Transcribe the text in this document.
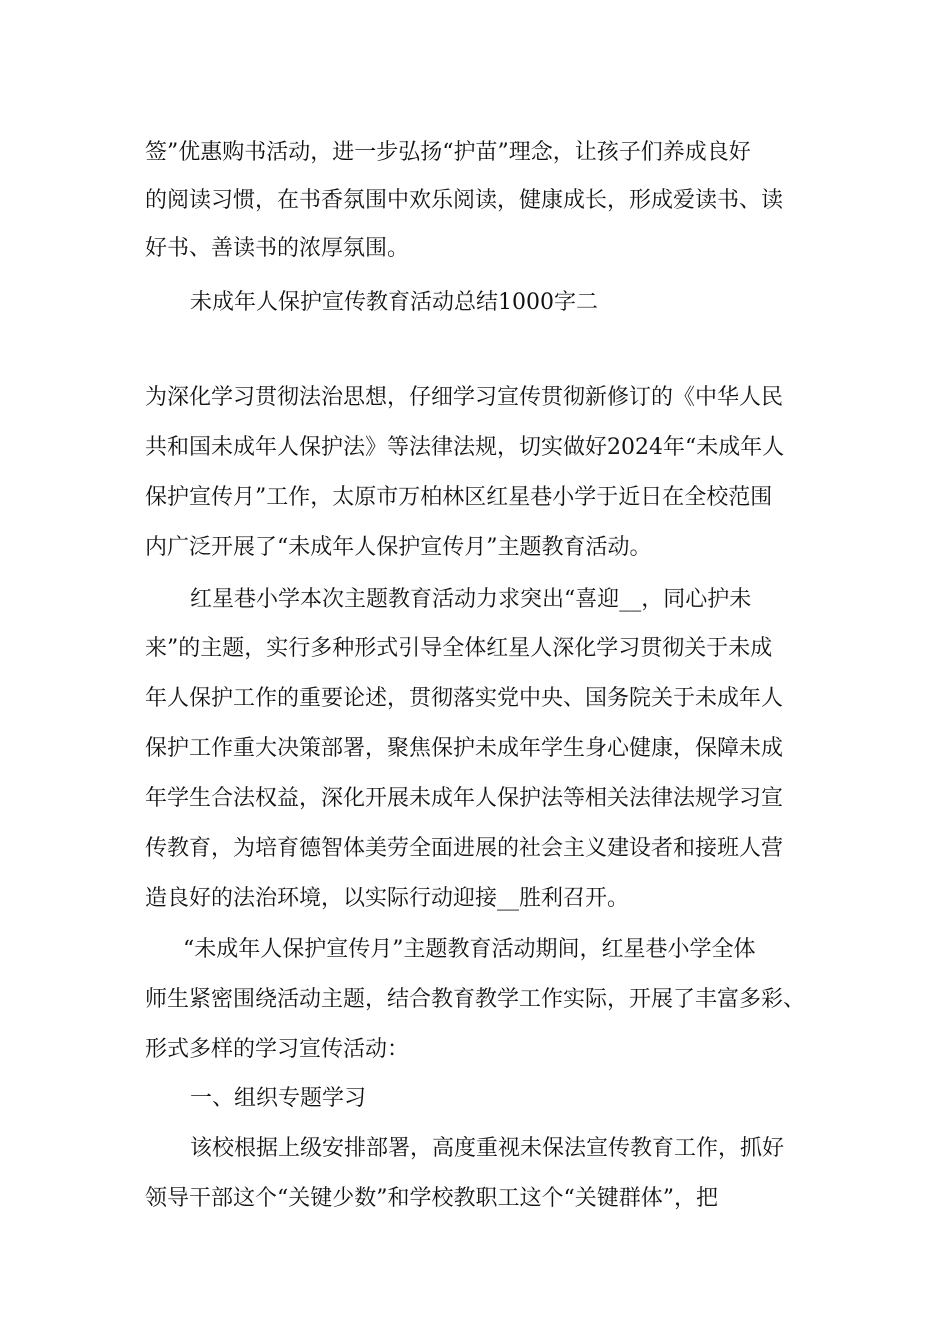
签”优惠购书活动，进一步弘扬“护苗”理念，让孩子们养成良好
的阅读习惯，在书香氛围中欢乐阅读，健康成长，形成爱读书、读
好书、善读书的浓厚氛围。
未成年人保护宣传教育活动总结1000字二
为深化学习贯彻法治思想，仔细学习宣传贯彻新修订的《中华人民
共和国未成年人保护法》等法律法规，切实做好2024年“未成年人
保护宣传月”工作，太原市万柏林区红星巷小学于近日在全校范围
内广泛开展了“未成年人保护宣传月”主题教育活动。
红星巷小学本次主题教育活动力求突出“喜迎__，同心护未
来”的主题，实行多种形式引导全体红星人深化学习贯彻关于未成
年人保护工作的重要论述，贯彻落实党中央、国务院关于未成年人
保护工作重大决策部署，聚焦保护未成年学生身心健康，保障未成
年学生合法权益，深化开展未成年人保护法等相关法律法规学习宣
传教育，为培育德智体美劳全面进展的社会主义建设者和接班人营
造良好的法治环境，以实际行动迎接__胜利召开。
“未成年人保护宣传月”主题教育活动期间，红星巷小学全体
师生紧密围绕活动主题，结合教育教学工作实际，开展了丰富多彩、
形式多样的学习宣传活动：
一、组织专题学习
该校根据上级安排部署，高度重视未保法宣传教育工作，抓好
领导干部这个“关键少数”和学校教职工这个“关键群体”，把
